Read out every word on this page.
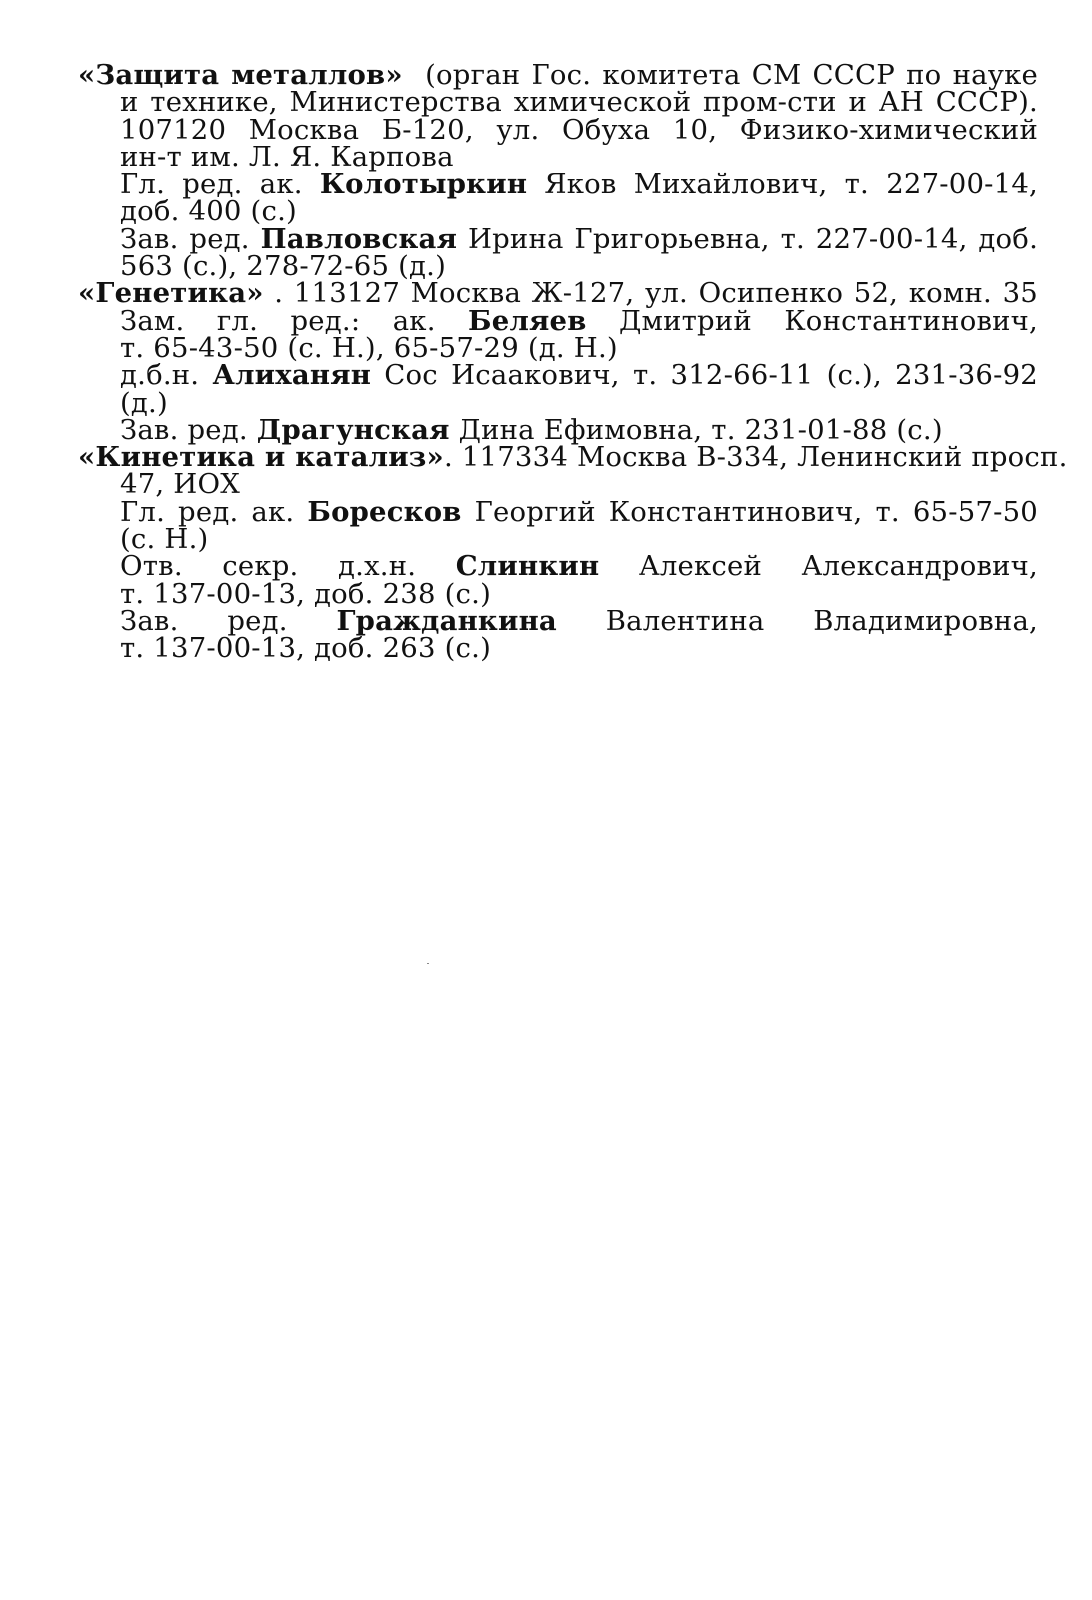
«Защита металлов»  (орган Гос. комитета СМ СССР по науке
и технике, Министерства химической пром-сти и АН СССР).
107120 Москва Б-120, ул. Обуха 10, Физико-химический
ин-т им. Л. Я. Карпова
Гл. ред. ак. Колотыркин Яков Михайлович, т. 227-00-14,
доб. 400 (с.)
Зав. ред. Павловская Ирина Григорьевна, т. 227-00-14, доб.
563 (с.), 278-72-65 (д.)
«Генетика» . 113127 Москва Ж-127, ул. Осипенко 52, комн. 35
Зам. гл. ред.: ак. Беляев Дмитрий Константинович,
т. 65-43-50 (с. Н.), 65-57-29 (д. Н.)
д.б.н. Алиханян Сос Исаакович, т. 312-66-11 (с.), 231-36-92
(д.)
Зав. ред. Драгунская Дина Ефимовна, т. 231-01-88 (с.)
«Кинетика и катализ». 117334 Москва В-334, Ленинский просп.
47, ИОХ
Гл. ред. ак. Боресков Георгий Константинович, т. 65-57-50
(с. Н.)
Отв. секр. д.х.н. Слинкин Алексей Александрович,
т. 137-00-13, доб. 238 (с.)
Зав. ред. Гражданкина Валентина Владимировна,
т. 137-00-13, доб. 263 (с.)
